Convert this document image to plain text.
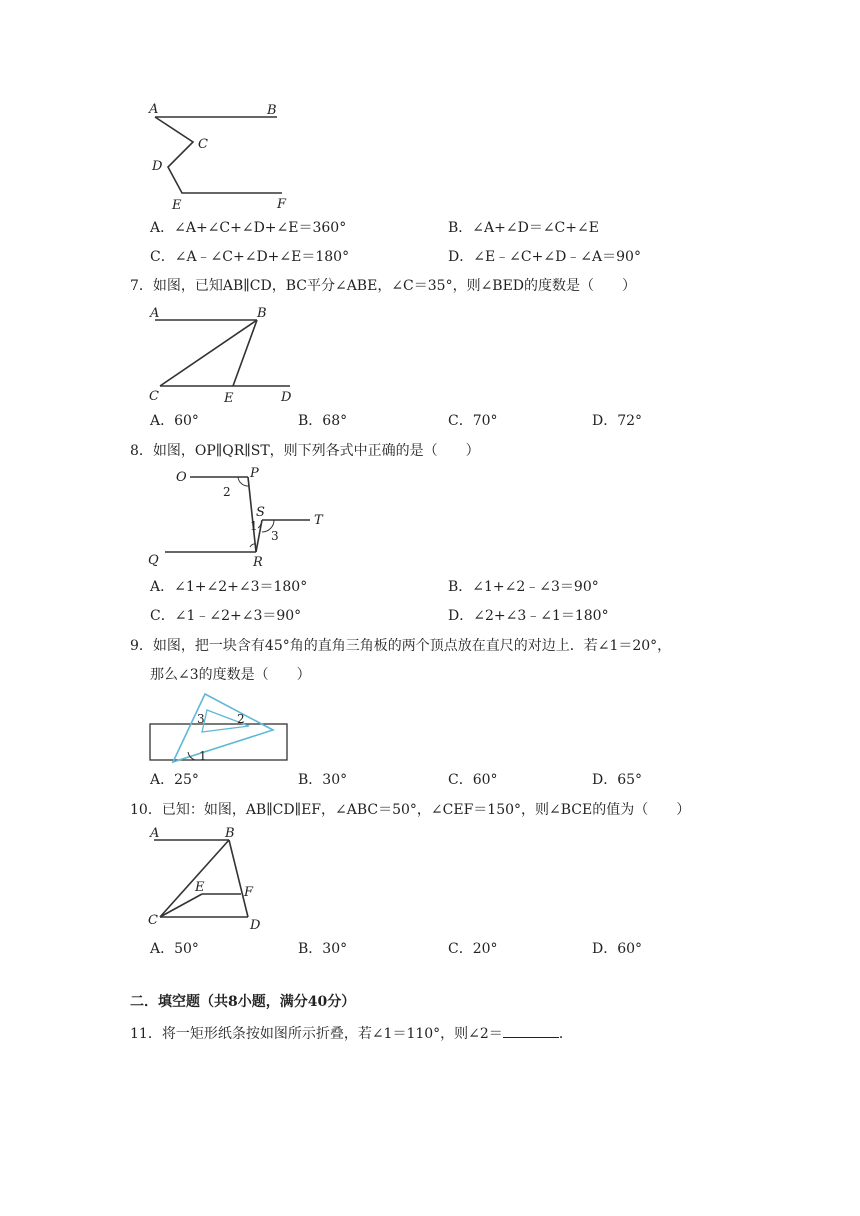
A	B
C
D
E	F
A．∠A+∠C+∠D+∠E＝360°	B．∠A+∠D＝∠C+∠E
C．∠A﹣∠C+∠D+∠E＝180°	D．∠E﹣∠C+∠D﹣∠A＝90°
7．如图，已知AB∥CD，BC平分∠ABE，∠C＝35°，则∠BED的度数是（　　）
A	B
C	E	D
A．60°	B．68°	C．70°	D．72°
8．如图，OP∥QR∥ST，则下列各式中正确的是（　　）
O	P
2
S
T
1
3
Q	R
A．∠1+∠2+∠3＝180°	B．∠1+∠2﹣∠3＝90°
C．∠1﹣∠2+∠3＝90°	D．∠2+∠3﹣∠1＝180°
9．如图，把一块含有45°角的直角三角板的两个顶点放在直尺的对边上．若∠1＝20°，
那么∠3的度数是（　　）
3	2
1
A．25°	B．30°	C．60°	D．65°
10．已知：如图，AB∥CD∥EF，∠ABC＝50°，∠CEF＝150°，则∠BCE的值为（　　）
A	B
E	F
C	D
A．50°	B．30°	C．20°	D．60°
二．填空题（共8小题，满分40分）
11．将一矩形纸条按如图所示折叠，若∠1＝110°，则∠2＝	．
